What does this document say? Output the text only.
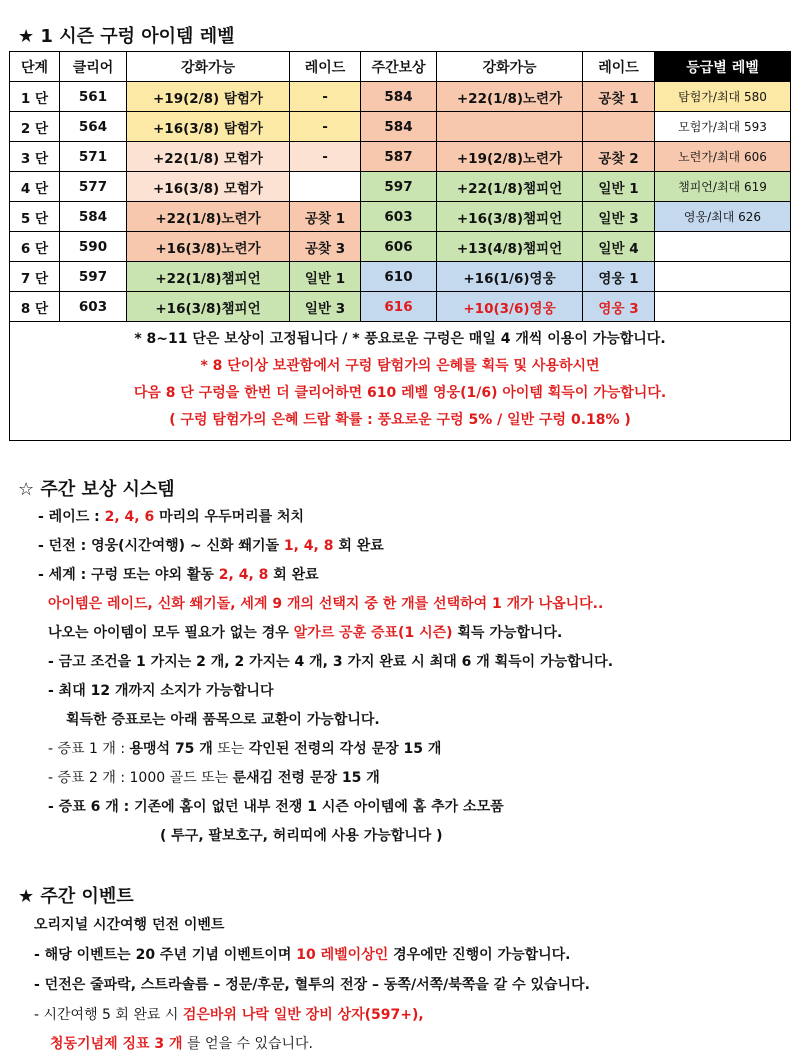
★ 1 시즌 구렁 아이템 레벨
단계	클리어	강화가능	레이드	주간보상	강화가능	레이드	등급별 레벨
1 단	561	+19(2/8) 탐험가	-	584	+22(1/8)노련가	공찾 1	탐험가/최대 580
2 단	564	+16(3/8) 탐험가	-	584			모험가/최대 593
3 단	571	+22(1/8) 모험가	-	587	+19(2/8)노련가	공찾 2	노련가/최대 606
4 단	577	+16(3/8) 모험가		597	+22(1/8)챔피언	일반 1	챔피언/최대 619
5 단	584	+22(1/8)노련가	공찾 1	603	+16(3/8)챔피언	일반 3	영웅/최대 626
6 단	590	+16(3/8)노련가	공찾 3	606	+13(4/8)챔피언	일반 4	
7 단	597	+22(1/8)챔피언	일반 1	610	+16(1/6)영웅	영웅 1	
8 단	603	+16(3/8)챔피언	일반 3	616	+10(3/6)영웅	영웅 3	

* 8~11 단은 보상이 고정됩니다 / * 풍요로운 구렁은 매일 4 개씩 이용이 가능합니다.
* 8 단이상 보관함에서 구렁 탐험가의 은혜를 획득 및 사용하시면
다음 8 단 구렁을 한번 더 클리어하면 610 레벨 영웅(1/6) 아이템 획득이 가능합니다.
( 구렁 탐험가의 은혜 드랍 확률 : 풍요로운 구렁 5% / 일반 구렁 0.18% )							
☆ 주간 보상 시스템
- 레이드 : 2, 4, 6 마리의 우두머리를 처치
- 던전 : 영웅(시간여행) ~ 신화 쐐기돌 1, 4, 8 회 완료
- 세계 : 구렁 또는 야외 활동 2, 4, 8 회 완료
아이템은 레이드, 신화 쐐기돌, 세계 9 개의 선택지 중 한 개를 선택하여 1 개가 나옵니다..
나오는 아이템이 모두 필요가 없는 경우 알가르 공훈 증표(1 시즌) 획득 가능합니다.
- 금고 조건을 1 가지는 2 개, 2 가지는 4 개, 3 가지 완료 시 최대 6 개 획득이 가능합니다.
- 최대 12 개까지 소지가 가능합니다
획득한 증표로는 아래 품목으로 교환이 가능합니다.
- 증표 1 개 : 용맹석 75 개 또는 각인된 전령의 각성 문장 15 개
- 증표 2 개 : 1000 골드 또는 룬새김 전령 문장 15 개
- 증표 6 개 : 기존에 홈이 없던 내부 전쟁 1 시즌 아이템에 홈 추가 소모품
( 투구, 팔보호구, 허리띠에 사용 가능합니다 )
★ 주간 이벤트
오리지널 시간여행 던전 이벤트
- 해당 이벤트는 20 주년 기념 이벤트이며 10 레벨이상인 경우에만 진행이 가능합니다.
- 던전은 줄파락, 스트라솔름 – 정문/후문, 혈투의 전장 – 동쪽/서쪽/북쪽을 갈 수 있습니다.
- 시간여행 5 회 완료 시 검은바위 나락 일반 장비 상자(597+),
청동기념제 징표 3 개 를 얻을 수 있습니다.
